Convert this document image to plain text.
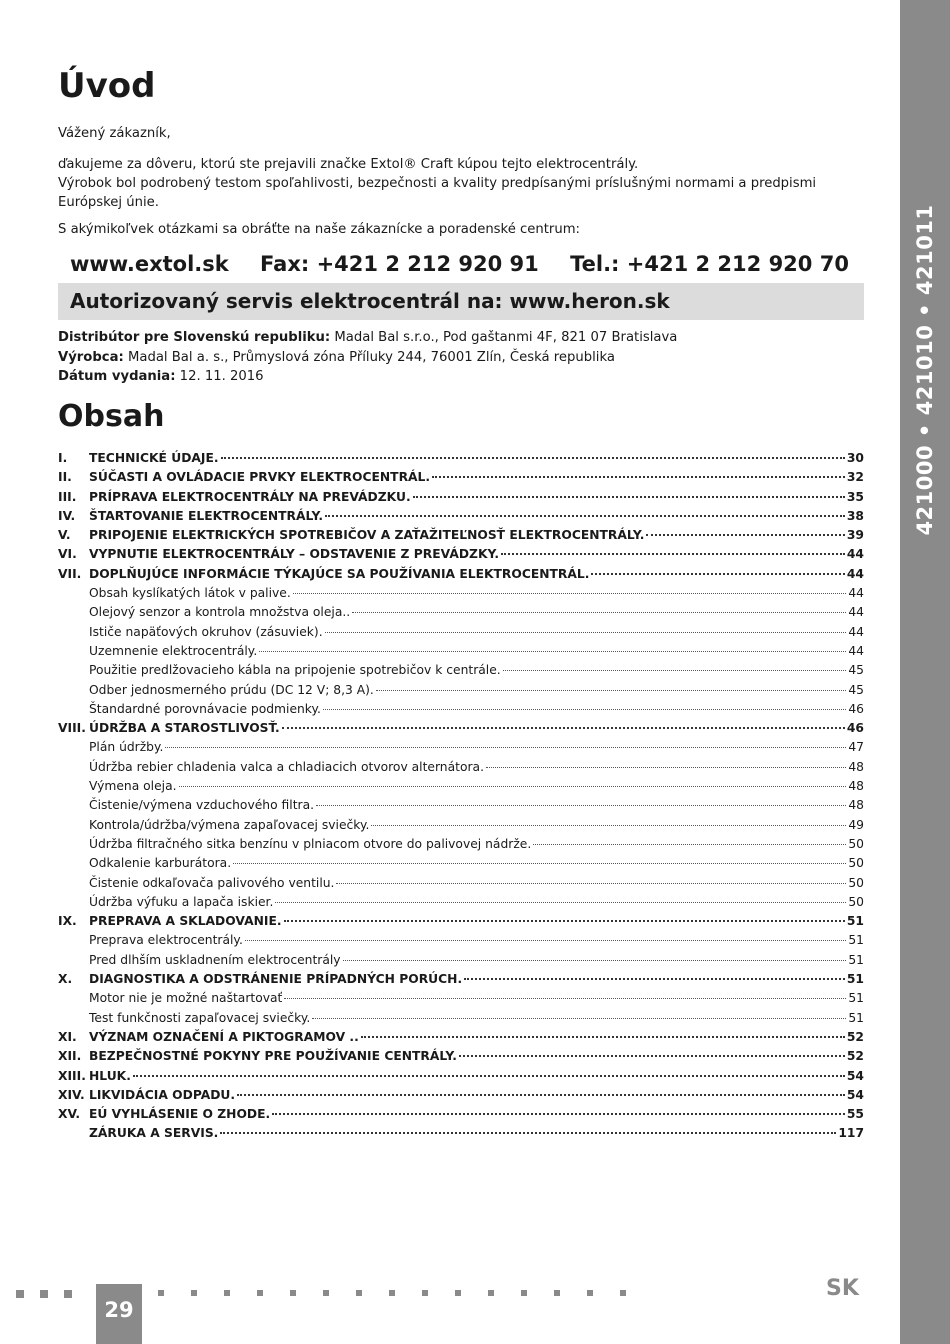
421000 • 421010 • 421011
Úvod
Vážený zákazník,
ďakujeme za dôveru, ktorú ste prejavili značke Extol® Craft kúpou tejto elektrocentrály.
Výrobok bol podrobený testom spoľahlivosti, bezpečnosti a kvality predpísanými príslušnými normami a predpismi Európskej únie.
S akýmikoľvek otázkami sa obráťte na naše zákaznícke a poradenské centrum:
www.extol.sk Fax: +421 2 212 920 91 Tel.: +421 2 212 920 70
Autorizovaný servis elektrocentrál na: www.heron.sk
Distribútor pre Slovenskú republiku: Madal Bal s.r.o., Pod gaštanmi 4F, 821 07 Bratislava
Výrobca: Madal Bal a. s., Průmyslová zóna Příluky 244, 76001 Zlín, Česká republika
Dátum vydania: 12. 11. 2016
Obsah
I.	TECHNICKÉ ÚDAJE.	30
II.	SÚČASTI A OVLÁDACIE PRVKY ELEKTROCENTRÁL.	32
III.	PRÍPRAVA ELEKTROCENTRÁLY NA PREVÁDZKU.	35
IV.	ŠTARTOVANIE ELEKTROCENTRÁLY.	38
V.	PRIPOJENIE ELEKTRICKÝCH SPOTREBIČOV A ZAŤAŽITEĽNOSŤ ELEKTROCENTRÁLY.	39
VI. VYPNUTIE ELEKTROCENTRÁLY – ODSTAVENIE Z PREVÁDZKY.	44
VII. DOPLŇUJÚCE INFORMÁCIE TÝKAJÚCE SA POUŽÍVANIA ELEKTROCENTRÁL.	44
Obsah kyslíkatých látok v palive.	44
Olejový senzor a kontrola množstva oleja..	44
Ističe napäťových okruhov (zásuviek).	44
Uzemnenie elektrocentrály.	44
Použitie predlžovacieho kábla na pripojenie spotrebičov k centrále.	45
Odber jednosmerného prúdu (DC 12 V; 8,3 A).	45
Štandardné porovnávacie podmienky.	46
VIII. ÚDRŽBA A STAROSTLIVOSŤ.	46
Plán údržby.	47
Údržba rebier chladenia valca a chladiacich otvorov alternátora.	48
Výmena oleja.	48
Čistenie/výmena vzduchového filtra.	48
Kontrola/údržba/výmena zapaľovacej sviečky.	49
Údržba filtračného sitka benzínu v plniacom otvore do palivovej nádrže.	50
Odkalenie karburátora.	50
Čistenie odkaľovača palivového ventilu.	50
Údržba výfuku a lapača iskier.	50
IX. PREPRAVA A SKLADOVANIE.	51
Preprava elektrocentrály.	51
Pred dlhším uskladnením elektrocentrály	51
X.	DIAGNOSTIKA A ODSTRÁNENIE PRÍPADNÝCH PORÚCH.	51
Motor nie je možné naštartovať	51
Test funkčnosti zapaľovacej sviečky.	51
XI. VÝZNAM OZNAČENÍ A PIKTOGRAMOV ..	52
XII. BEZPEČNOSTNÉ POKYNY PRE POUŽÍVANIE CENTRÁLY.	52
XIII. HLUK.	54
XIV. LIKVIDÁCIA ODPADU.	54
XV. EÚ VYHLÁSENIE O ZHODE.	55
ZÁRUKA A SERVIS.	117
29
SK
